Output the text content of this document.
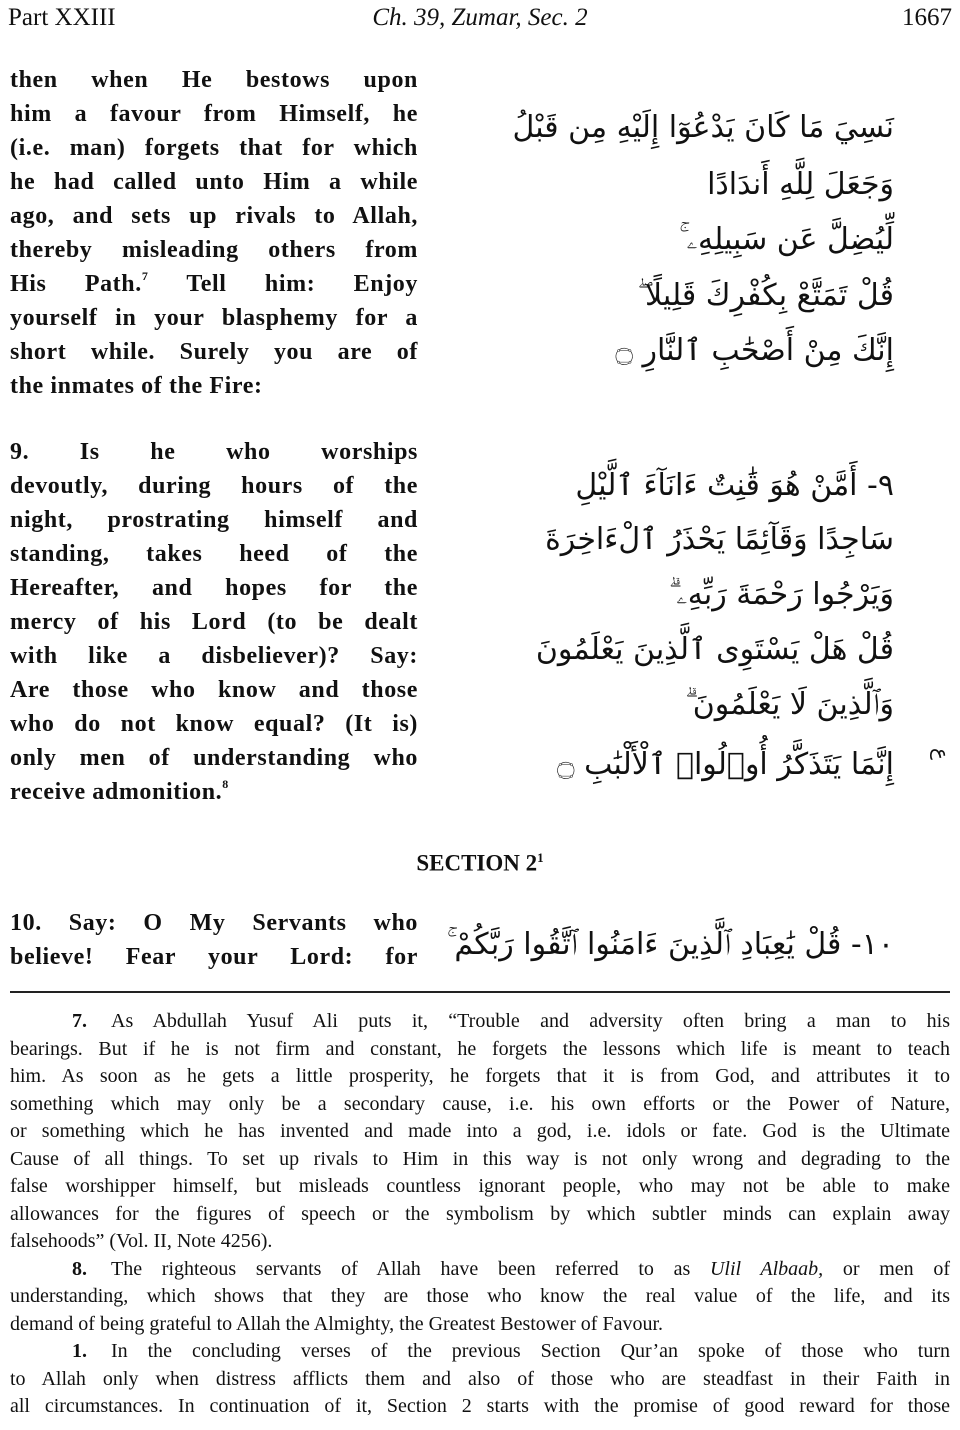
Part XXIII	Ch. 39, Zumar, Sec. 2	1667
then when He bestows upon
him a favour from Himself, he
(i.e. man) forgets that for which
he had called unto Him a while
ago, and sets up rivals to Allah,
thereby misleading others from
His Path.$^7$ Tell him: Enjoy
yourself in your blasphemy for a
short while. Surely you are of
the inmates of the Fire:
9. Is he who worships
devoutly, during hours of the
night, prostrating himself and
standing, takes heed of the
Hereafter, and hopes for the
mercy of his Lord (to be dealt
with like a disbeliever)? Say:
Are those who know and those
who do not know equal? (It is)
only men of understanding who
receive admonition.$^8$
10. Say: O My Servants who
believe! Fear your Lord: for
ع
SECTION $2^1$
7. As Abdullah Yusuf Ali puts it, “Trouble and adversity often bring a man to his
bearings. But if he is not firm and constant, he forgets the lessons which life is meant to teach
him. As soon as he gets a little prosperity, he forgets that it is from God, and attributes it to
something which may only be a secondary cause, i.e. his own efforts or the Power of Nature,
or something which he has invented and made into a god, i.e. idols or fate. God is the Ultimate
Cause of all things. To set up rivals to Him in this way is not only wrong and degrading to the
false worshipper himself, but misleads countless ignorant people, who may not be able to make
allowances for the figures of speech or the symbolism by which subtler minds can explain away
falsehoods” (Vol. II, Note 4256).
8. The righteous servants of Allah have been referred to as Ulil Albaab, or men of
understanding, which shows that they are those who know the real value of the life, and its
demand of being grateful to Allah the Almighty, the Greatest Bestower of Favour.
1. In the concluding verses of the previous Section Qur’an spoke of those who turn
to Allah only when distress afflicts them and also of those who are steadfast in their Faith in
all circumstances. In continuation of it, Section 2 starts with the promise of good reward for those
نَسِيَ مَا كَانَ يَدْعُوٓا إِلَيْهِ مِن قَبْلُ
وَجَعَلَ لِلَّهِ أَندَادًا
لِّيُضِلَّ عَن سَبِيلِهِۦ ۚ
قُلْ تَمَتَّعْ بِكُفْرِكَ قَلِيلًا ۖ
إِنَّكَ مِنْ أَصْحَٰبِ ٱلنَّارِ ۝
٩- أَمَّنْ هُوَ قَٰنِتٌ ءَانَآءَ ٱلَّيْلِ
سَاجِدًا وَقَآئِمًا يَحْذَرُ ٱلْءَاخِرَةَ
وَيَرْجُوا رَحْمَةَ رَبِّهِۦ ۗ
قُلْ هَلْ يَسْتَوِى ٱلَّذِينَ يَعْلَمُونَ
وَٱلَّذِينَ لَا يَعْلَمُونَ ۗ
إِنَّمَا يَتَذَكَّرُ أُو۟لُوا۟ ٱلْأَلْبَٰبِ ۝
١٠- قُلْ يَٰعِبَادِ ٱلَّذِينَ ءَامَنُوا ٱتَّقُوا رَبَّكُمْ ۚ
